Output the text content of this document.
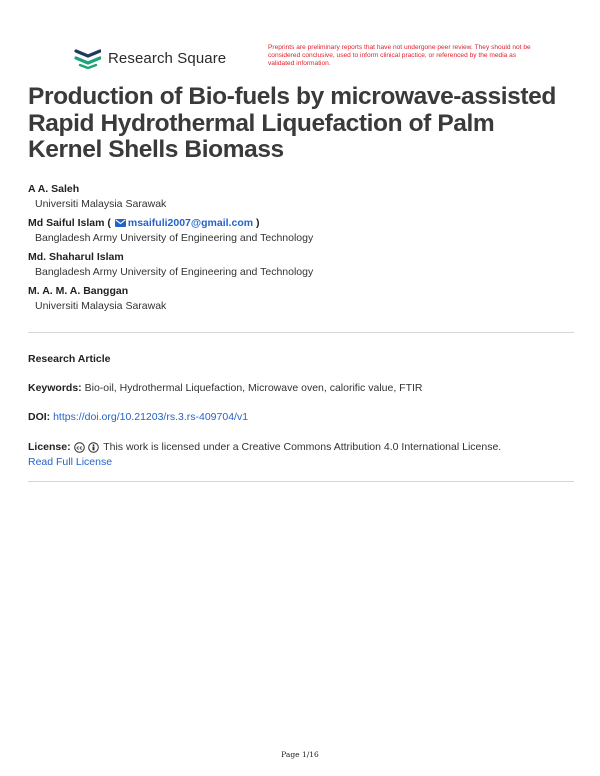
Research Square
Preprints are preliminary reports that have not undergone peer review. They should not be considered conclusive, used to inform clinical practice, or referenced by the media as validated information.
Production of Bio-fuels by microwave-assisted Rapid Hydrothermal Liquefaction of Palm Kernel Shells Biomass
A A. Saleh
Universiti Malaysia Sarawak
Md Saiful Islam ( msaifuli2007@gmail.com )
Bangladesh Army University of Engineering and Technology
Md. Shaharul Islam
Bangladesh Army University of Engineering and Technology
M. A. M. A. Banggan
Universiti Malaysia Sarawak
Research Article
Keywords: Bio-oil, Hydrothermal Liquefaction, Microwave oven, calorific value, FTIR
DOI: https://doi.org/10.21203/rs.3.rs-409704/v1
License: cc This work is licensed under a Creative Commons Attribution 4.0 International License.
Read Full License
Page 1/16
